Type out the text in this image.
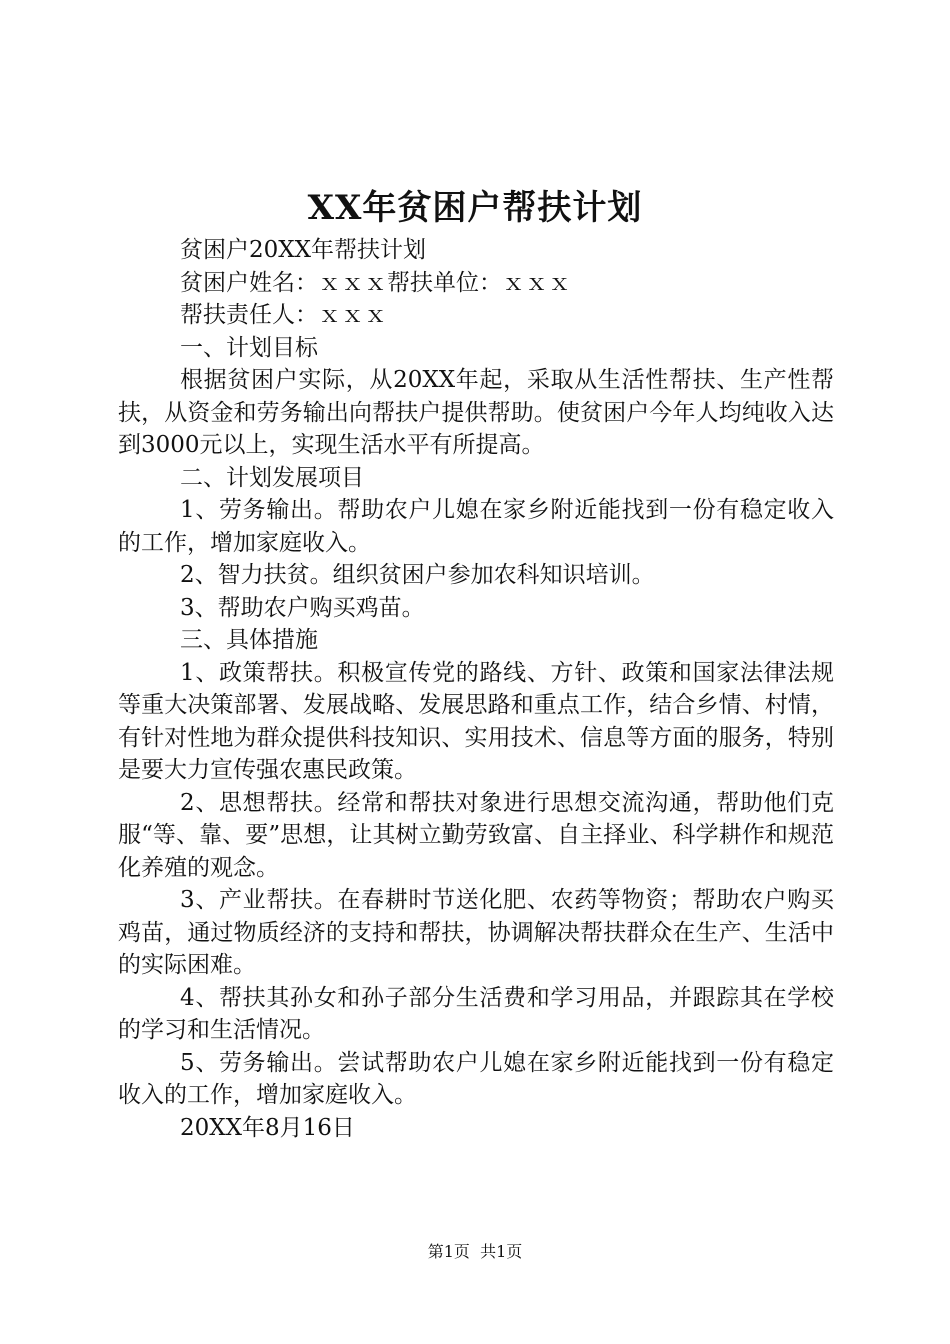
XX年贫困户帮扶计划

贫困户20XX年帮扶计划

贫困户姓名：ｘｘｘ帮扶单位：ｘｘｘ

帮扶责任人：ｘｘｘ

一、计划目标

根据贫困户实际，从20XX年起，采取从生活性帮扶、生产性帮扶，从资金和劳务输出向帮扶户提供帮助。使贫困户今年人均纯收入达到3000元以上，实现生活水平有所提高。

二、计划发展项目

1、劳务输出。帮助农户儿媳在家乡附近能找到一份有稳定收入的工作，增加家庭收入。

2、智力扶贫。组织贫困户参加农科知识培训。

3、帮助农户购买鸡苗。

三、具体措施

1、政策帮扶。积极宣传党的路线、方针、政策和国家法律法规等重大决策部署、发展战略、发展思路和重点工作，结合乡情、村情，有针对性地为群众提供科技知识、实用技术、信息等方面的服务，特别是要大力宣传强农惠民政策。

2、思想帮扶。经常和帮扶对象进行思想交流沟通，帮助他们克服“等、靠、要”思想，让其树立勤劳致富、自主择业、科学耕作和规范化养殖的观念。

3、产业帮扶。在春耕时节送化肥、农药等物资；帮助农户购买鸡苗，通过物质经济的支持和帮扶，协调解决帮扶群众在生产、生活中的实际困难。

4、帮扶其孙女和孙子部分生活费和学习用品，并跟踪其在学校的学习和生活情况。

5、劳务输出。尝试帮助农户儿媳在家乡附近能找到一份有稳定收入的工作，增加家庭收入。

20XX年8月16日

第1页  共1页
